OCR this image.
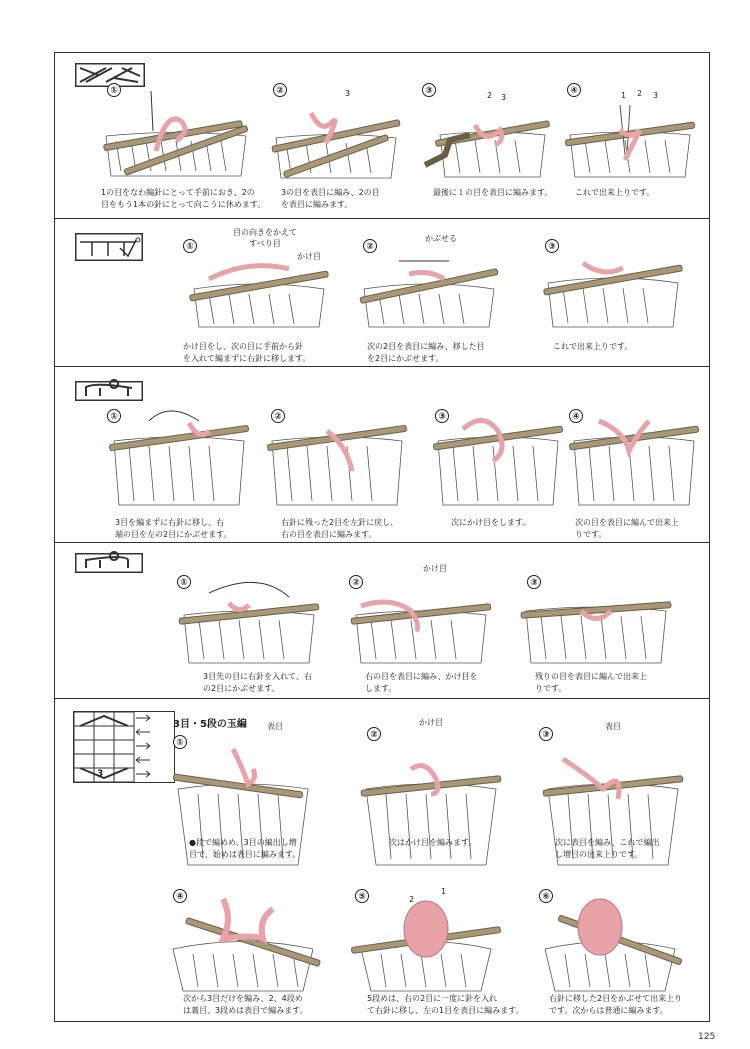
①
1の目をなわ編針にとって手前におき、2の
目をもう1本の針にとって向こうに休めます。
②	3
3の目を表目に編み、2の目
を表目に編みます。
③	2 3
最後に１の目を表目に編みます。
④	1 2 3
これで出来上りです。
①
目の向きをかえて
すべり目
かけ目
かけ目をし、次の目に手前から針
を入れて編まずに右針に移します。
②
かぶせる
次の2目を表目に編み、移した目
を2目にかぶせます。
③
これで出来上りです。
①
3目を編まずに右針に移し、右
端の目を左の2目にかぶせます。
②
右針に残った2目を左針に戻し、
右の目を表目に編みます。
③
次にかけ目をします。
④
次の目を表目に編んで出来上
りです。
①
3目先の目に右針を入れて、右
の2目にかぶせます。
②
かけ目
右の目を表目に編み、かけ目を
します。
③
残りの目を表目に編んで出来上
りです。
3
3目・5段の玉編
①
表目
●段で編めめ、3目の編出し増
目で、始めは表目に編みます。
②
かけ目
次はかけ目を編みます。
③
表目
次に表目を編み、これで編出
し増目の出来上りです。
④
次から3目だけを編み、2、4段め
は裏目、3段めは表目で編みます。
⑤	2
1
5段めは、右の2目に一度に針を入れ
て右針に移し、左の1目を表目に編みます。
⑥
右針に移した2目をかぶせて出来上り
です。次からは普通に編みます。
125
